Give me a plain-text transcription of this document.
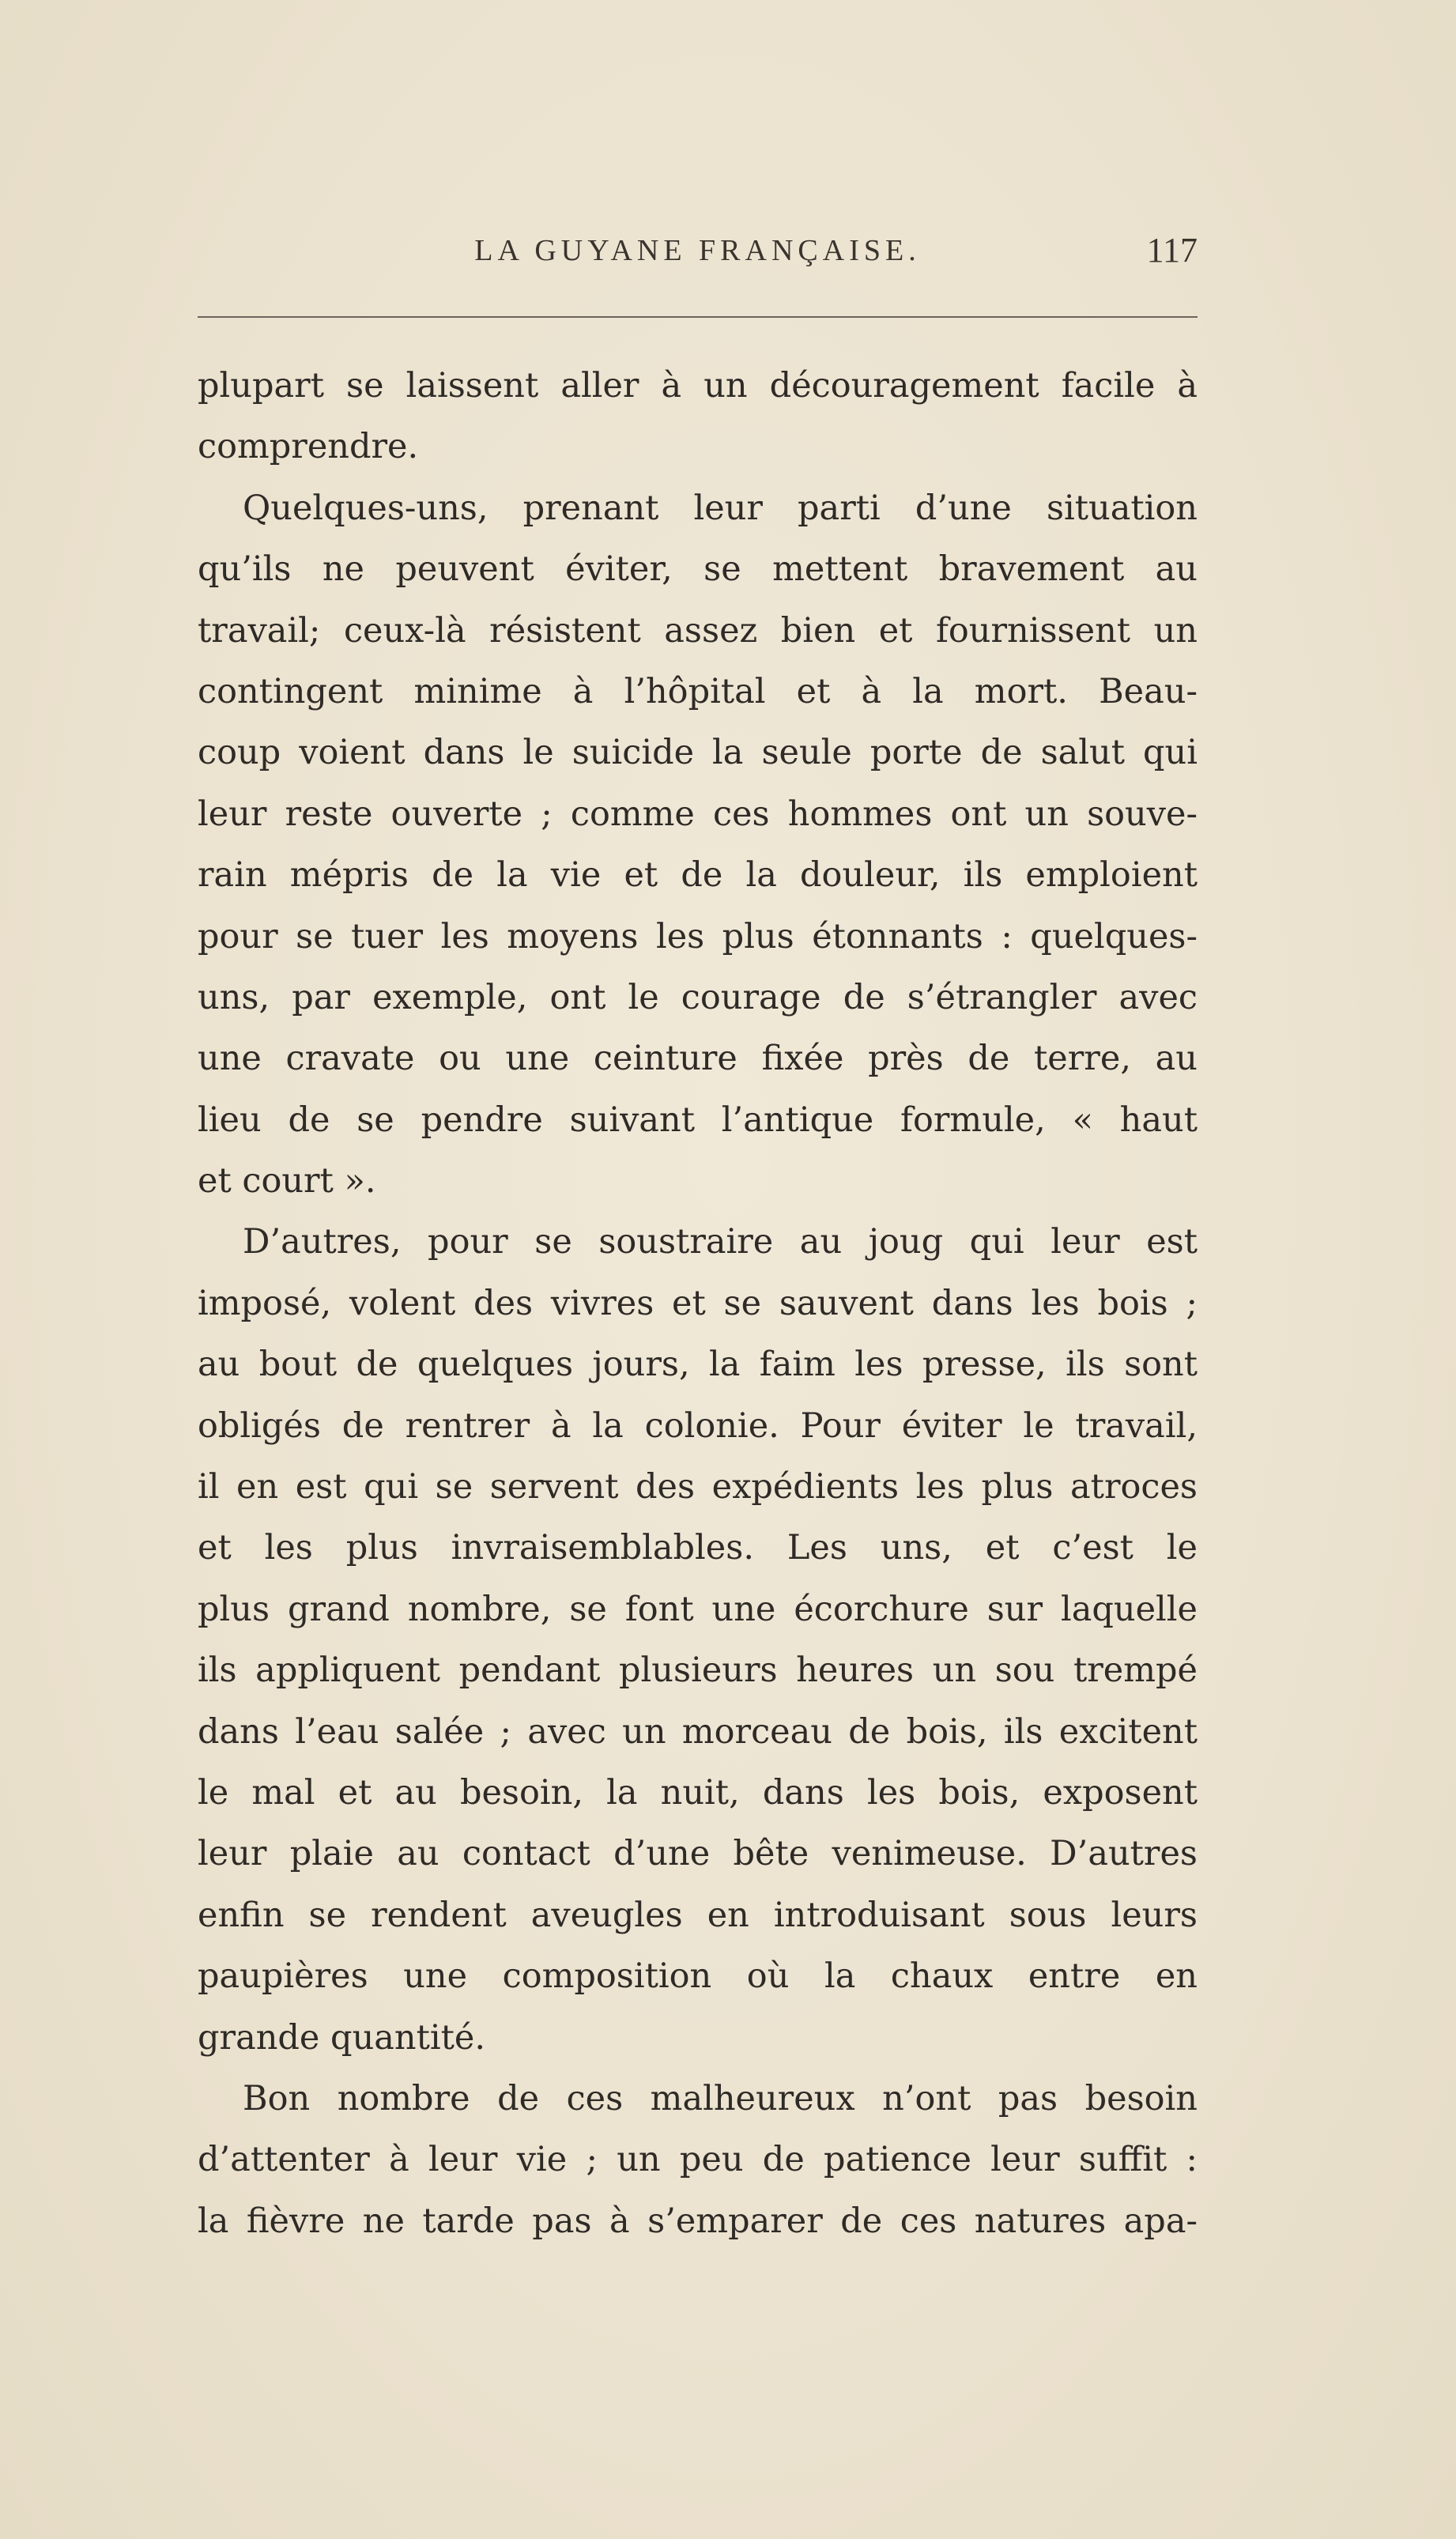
LA GUYANE FRANÇAISE.	117
plupart se laissent aller à un découragement facile à
comprendre.
Quelques-uns, prenant leur parti d’une situation
qu’ils ne peuvent éviter, se mettent bravement au
travail; ceux-là résistent assez bien et fournissent un
contingent minime à l’hôpital et à la mort. Beau-
coup voient dans le suicide la seule porte de salut qui
leur reste ouverte ; comme ces hommes ont un souve-
rain mépris de la vie et de la douleur, ils emploient
pour se tuer les moyens les plus étonnants : quelques-
uns, par exemple, ont le courage de s’étrangler avec
une cravate ou une ceinture fixée près de terre, au
lieu de se pendre suivant l’antique formule, « haut
et court ».
D’autres, pour se soustraire au joug qui leur est
imposé, volent des vivres et se sauvent dans les bois ;
au bout de quelques jours, la faim les presse, ils sont
obligés de rentrer à la colonie. Pour éviter le travail,
il en est qui se servent des expédients les plus atroces
et les plus invraisemblables. Les uns, et c’est le
plus grand nombre, se font une écorchure sur laquelle
ils appliquent pendant plusieurs heures un sou trempé
dans l’eau salée ; avec un morceau de bois, ils excitent
le mal et au besoin, la nuit, dans les bois, exposent
leur plaie au contact d’une bête venimeuse. D’autres
enfin se rendent aveugles en introduisant sous leurs
paupières une composition où la chaux entre en
grande quantité.
Bon nombre de ces malheureux n’ont pas besoin
d’attenter à leur vie ; un peu de patience leur suffit :
la fièvre ne tarde pas à s’emparer de ces natures apa-
